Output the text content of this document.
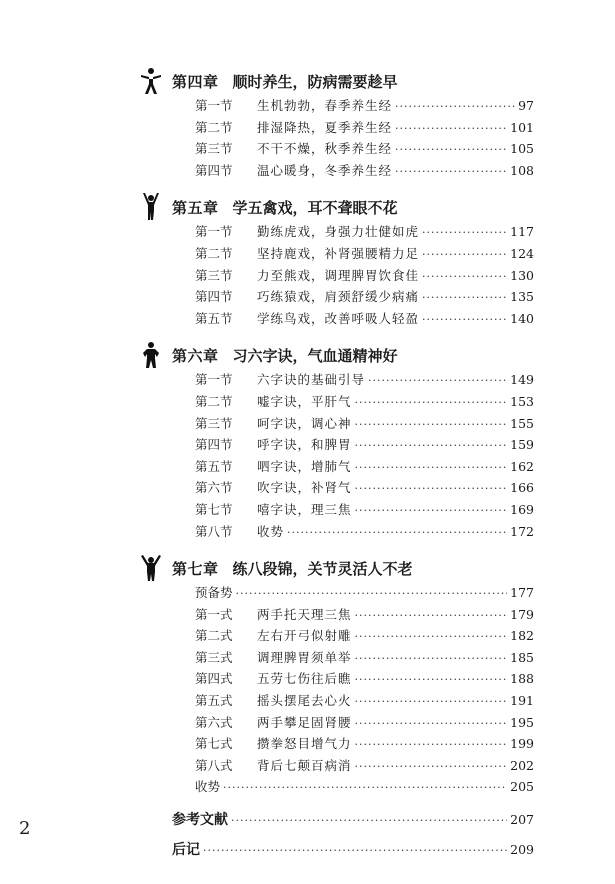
第四章 顺时养生，防病需要趁早
第一节	生机勃勃，春季养生经 ·····	97
第二节	排湿降热，夏季养生经 ·····	101
第三节	不干不燥，秋季养生经 ·····	105
第四节	温心暖身，冬季养生经 ·····	108
第五章 学五禽戏，耳不聋眼不花
第一节	勤练虎戏，身强力壮健如虎 ·····	117
第二节	坚持鹿戏，补肾强腰精力足 ·····	124
第三节	力至熊戏，调理脾胃饮食佳 ·····	130
第四节	巧练猿戏，肩颈舒缓少病痛 ·····	135
第五节	学练鸟戏，改善呼吸人轻盈 ·····	140
第六章 习六字诀，气血通精神好
第一节	六字诀的基础引导 ·····	149
第二节	嘘字诀，平肝气 ·····	153
第三节	呵字诀，调心神 ·····	155
第四节	呼字诀，和脾胃 ·····	159
第五节	呬字诀，增肺气 ·····	162
第六节	吹字诀，补肾气 ·····	166
第七节	嘻字诀，理三焦 ·····	169
第八节	收势 ·····	172
第七章 练八段锦，关节灵活人不老
预备势 ·····	177
第一式	两手托天理三焦 ·····	179
第二式	左右开弓似射雕 ·····	182
第三式	调理脾胃须单举 ·····	185
第四式	五劳七伤往后瞧 ·····	188
第五式	摇头摆尾去心火 ·····	191
第六式	两手攀足固肾腰 ·····	195
第七式	攒拳怒目增气力 ·····	199
第八式	背后七颠百病消 ·····	202
收势 ·····	205
参考文献 ·····	207
后记 ·····	209
2
